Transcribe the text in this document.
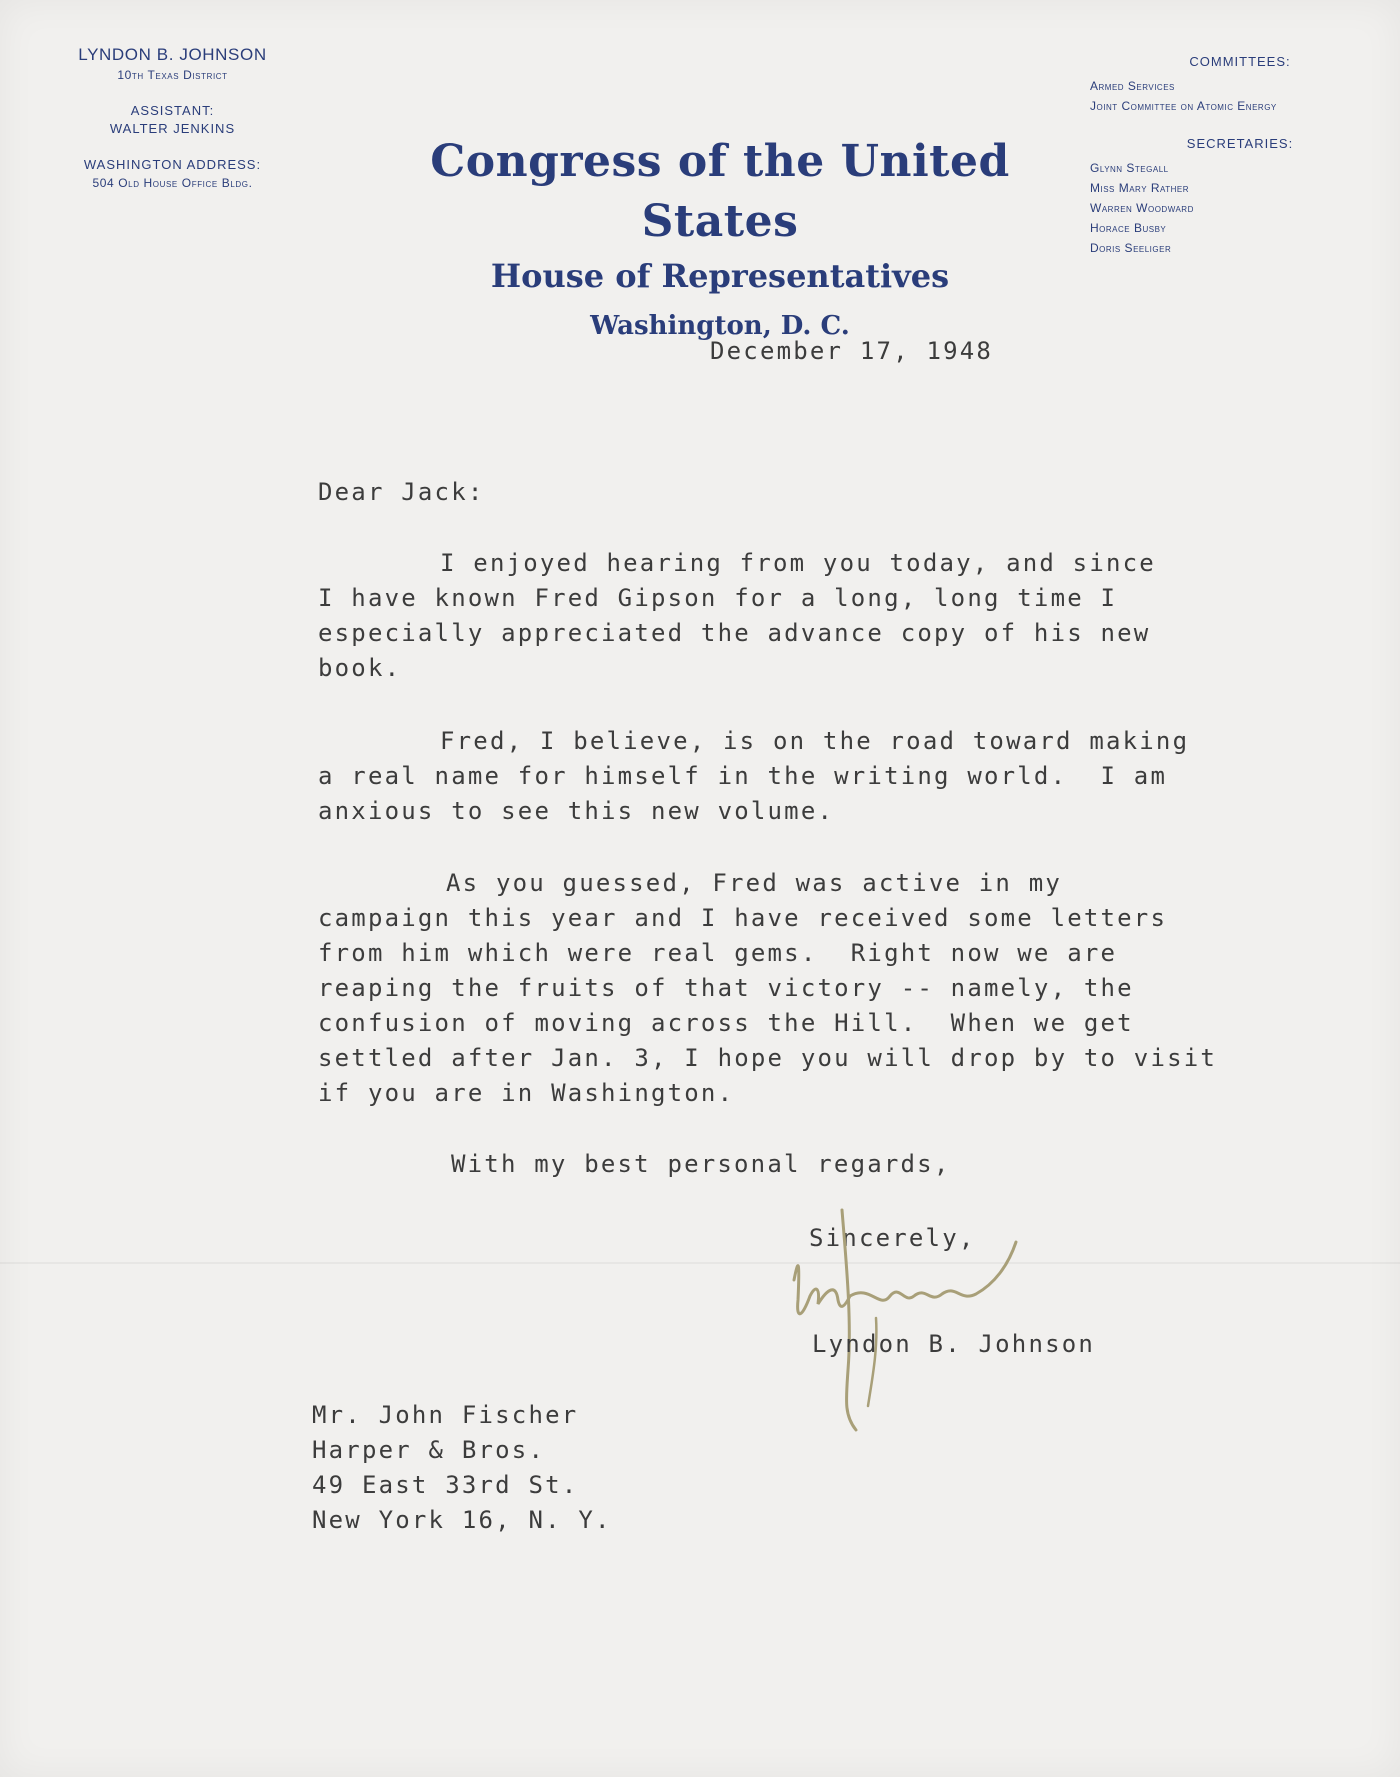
LYNDON B. JOHNSON
10th Texas District
ASSISTANT:
WALTER JENKINS
WASHINGTON ADDRESS:
504 Old House Office Bldg.	Congress of the United States
House of Representatives
Washington, D. C.
COMMITTEES:
Armed Services
Joint Committee on Atomic Energy
SECRETARIES:
Glynn Stegall
Miss Mary Rather
Warren Woodward
Horace Busby
Doris Seeliger
December 17, 1948
Dear Jack:
I enjoyed hearing from you today, and since
I have known Fred Gipson for a long, long time I
especially appreciated the advance copy of his new
book.
Fred, I believe, is on the road toward making
a real name for himself in the writing world.  I am
anxious to see this new volume.
As you guessed, Fred was active in my
campaign this year and I have received some letters
from him which were real gems.  Right now we are
reaping the fruits of that victory -- namely, the
confusion of moving across the Hill.  When we get
settled after Jan. 3, I hope you will drop by to visit
if you are in Washington.
With my best personal regards,
Sincerely,
Lyndon B. Johnson
Mr. John Fischer
Harper & Bros.
49 East 33rd St.
New York 16, N. Y.
